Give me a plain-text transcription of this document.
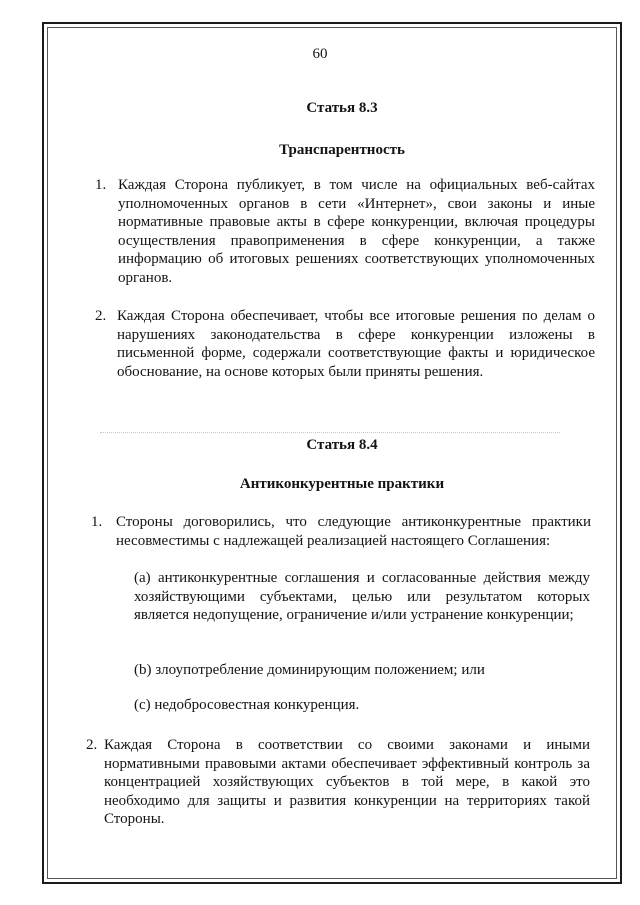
60
Статья 8.3
Транспарентность
1. Каждая Сторона публикует, в том числе на официальных веб-сайтах уполномоченных органов в сети «Интернет», свои законы и иные нормативные правовые акты в сфере конкуренции, включая процедуры осуществления правоприменения в сфере конкуренции, а также информацию об итоговых решениях соответствующих уполномоченных органов.
2. Каждая Сторона обеспечивает, чтобы все итоговые решения по делам о нарушениях законодательства в сфере конкуренции изложены в письменной форме, содержали соответствующие факты и юридическое обоснование, на основе которых были приняты решения.
Статья 8.4
Антиконкурентные практики
1. Стороны договорились, что следующие антиконкурентные практики несовместимы с надлежащей реализацией настоящего Соглашения:
(a) антиконкурентные соглашения и согласованные действия между хозяйствующими субъектами, целью или результатом которых является недопущение, ограничение и/или устранение конкуренции;
(b) злоупотребление доминирующим положением; или
(c) недобросовестная конкуренция.
2. Каждая Сторона в соответствии со своими законами и иными нормативными правовыми актами обеспечивает эффективный контроль за концентрацией хозяйствующих субъектов в той мере, в какой это необходимо для защиты и развития конкуренции на территориях такой Стороны.
